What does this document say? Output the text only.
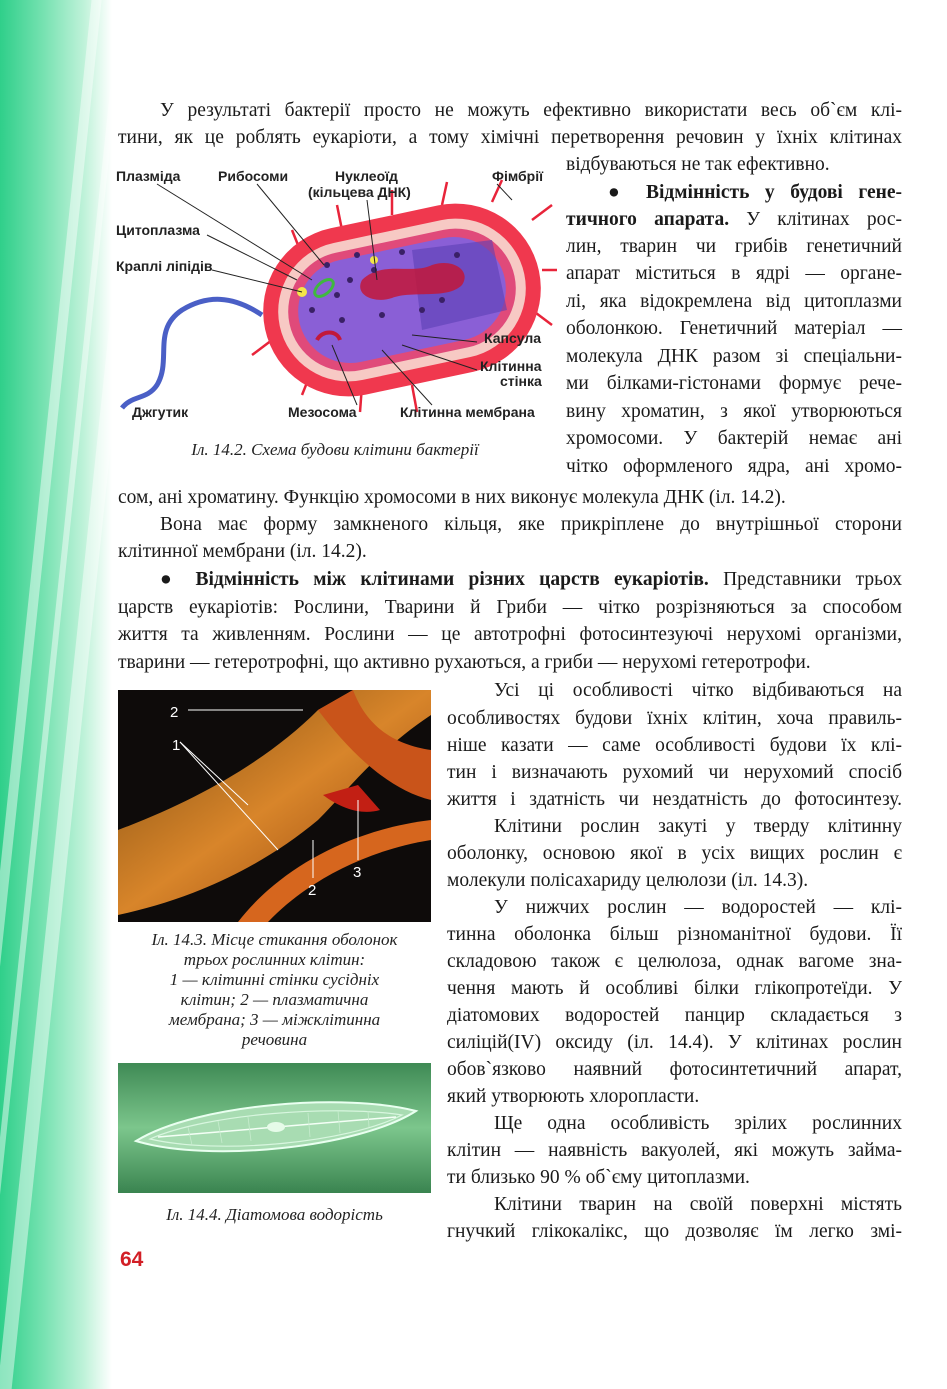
У результаті бактерії просто не можуть ефективно використати весь об`єм клі-
тини, як це роблять еукаріоти, а тому хімічні перетворення речовин у їхніх клітинах
відбуваються не так ефективно.
Плазміда	Рибосоми	Нуклеоїд
(кільцева ДНК)
Фімбрії
Цитоплазма
Краплі ліпідів
Капсула
Клітинна
стінка
Джгутик	Мезосома	Клітинна мембрана
Іл. 14.2. Схема будови клітини бактерії
● Відмінність у будові гене-
тичного апарата. У клітинах рос-
лин, тварин чи грибів генетичний
апарат міститься в ядрі — органе-
лі, яка відокремлена від цитоплазми
оболонкою. Генетичний матеріал —
молекула ДНК разом зі спеціальни-
ми білками-гістонами формує рече-
вину хроматин, з якої утворюються
хромосоми. У бактерій немає ані
чітко оформленого ядра, ані хромо-
сом, ані хроматину. Функцію хромосоми в них виконує молекула ДНК (іл. 14.2).
Вона має форму замкненого кільця, яке прикріплене до внутрішньої сторони
клітинної мембрани (іл. 14.2).
● Відмінність між клітинами різних царств еукаріотів. Представники трьох
царств еукаріотів: Рослини, Тварини й Гриби — чітко розрізняються за способом
життя та живленням. Рослини — це автотрофні фотосинтезуючі нерухомі організми,
тварини — гетеротрофні, що активно рухаються, а гриби — нерухомі гетеротрофи.
2
1
2
3
Іл. 14.3. Місце стикання оболонок
трьох рослинних клітин:
1 — клітинні стінки сусідніх
клітин; 2 — плазматична
мембрана; 3 — міжклітинна
речовина
Іл. 14.4. Діатомова водорість
Усі ці особливості чітко відбиваються на
особливостях будови їхніх клітин, хоча правиль-
ніше казати — саме особливості будови їх клі-
тин і визначають рухомий чи нерухомий спосіб
життя і здатність чи нездатність до фотосинтезу.
Клітини рослин закуті у тверду клітинну
оболонку, основою якої в усіх вищих рослин є
молекули полісахариду целюлози (іл. 14.3).
У нижчих рослин — водоростей — клі-
тинна оболонка більш різноманітної будови. Її
складовою також є целюлоза, однак вагоме зна-
чення мають й особливі білки глікопротеїди. У
діатомових водоростей панцир складається з
силіцій(IV) оксиду (іл. 14.4). У клітинах рослин
обов`язково наявний фотосинтетичний апарат,
який утворюють хлоропласти.
Ще одна особливість зрілих рослинних
клітин — наявність вакуолей, які можуть займа-
ти близько 90 % об`єму цитоплазми.
Клітини тварин на своїй поверхні містять
гнучкий глікокалікс, що дозволяє їм легко змі-
64
